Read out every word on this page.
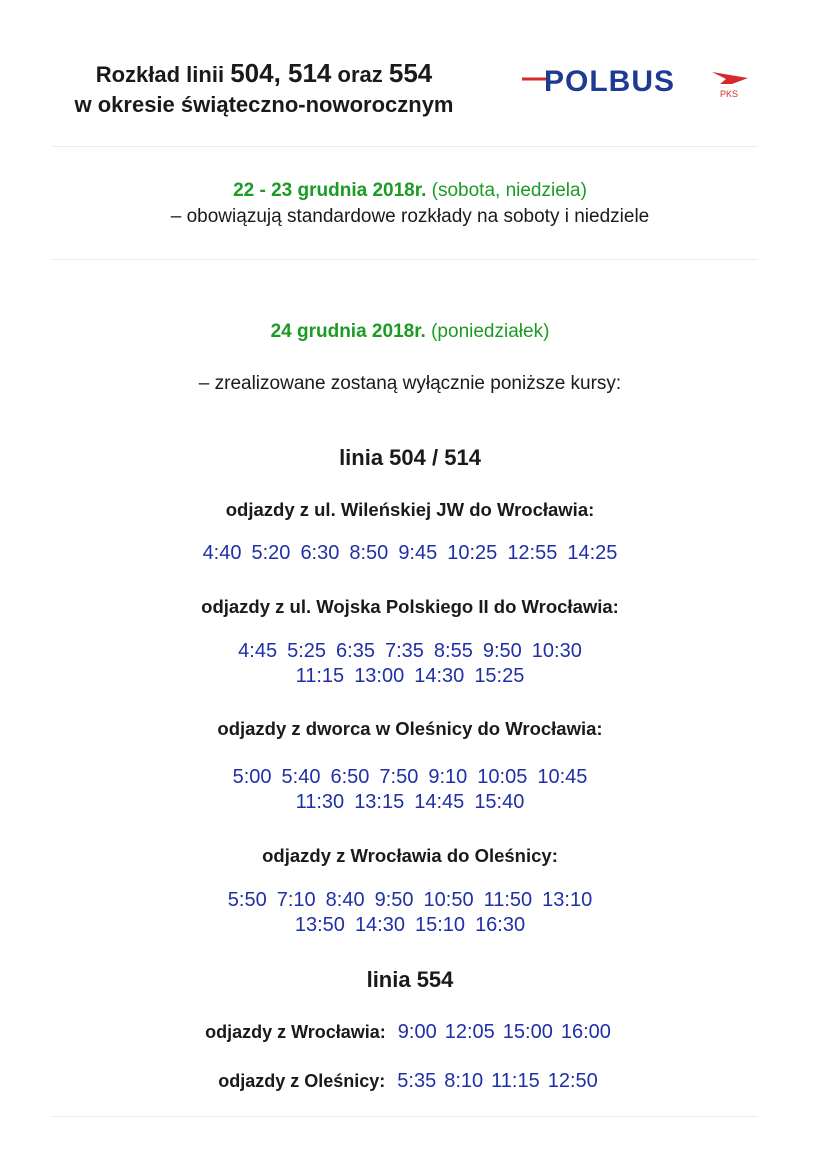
Rozkład linii 504, 514 oraz 554
w okresie świąteczno-noworocznym
POLBUS	PKS
22 - 23 grudnia 2018r. (sobota, niedziela)
– obowiązują standardowe rozkłady na soboty i niedziele
24 grudnia 2018r. (poniedziałek)
– zrealizowane zostaną wyłącznie poniższe kursy:
linia 504 / 514
odjazdy z ul. Wileńskiej JW do Wrocławia:
4:40 5:20 6:30 8:50 9:45 10:25 12:55 14:25
odjazdy z ul. Wojska Polskiego II do Wrocławia:
4:45 5:25 6:35 7:35 8:55 9:50 10:30
11:15 13:00 14:30 15:25
odjazdy z dworca w Oleśnicy do Wrocławia:
5:00 5:40 6:50 7:50 9:10 10:05 10:45
11:30 13:15 14:45 15:40
odjazdy z Wrocławia do Oleśnicy:
5:50 7:10 8:40 9:50 10:50 11:50 13:10
13:50 14:30 15:10 16:30
linia 554
odjazdy z Wrocławia: 9:00 12:05 15:00 16:00
odjazdy z Oleśnicy: 5:35 8:10 11:15 12:50
